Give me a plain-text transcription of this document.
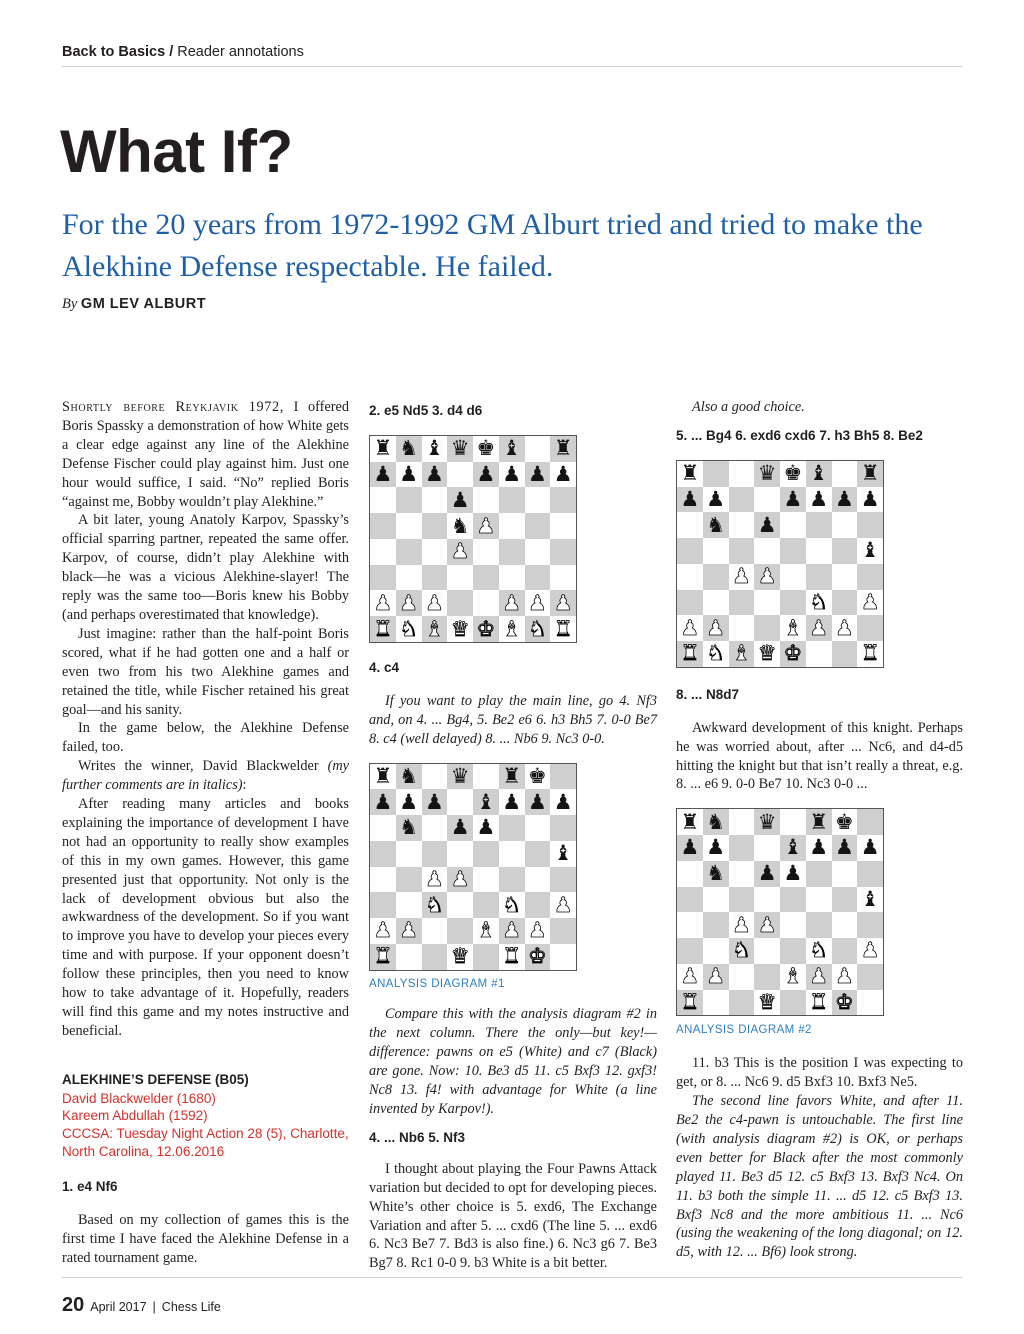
Back to Basics / Reader annotations
What If?

For the 20 years from 1972-1992 GM Alburt tried and tried to make the Alekhine Defense respectable. He failed.

By GM LEV ALBURT

Shortly before Reykjavik 1972, I offered Boris Spassky a demonstration of how White gets a clear edge against any line of the Alekhine Defense Fischer could play against him. Just one hour would suffice, I said. “No” replied Boris “against me, Bobby wouldn’t play Alekhine.”

A bit later, young Anatoly Karpov, Spassky’s official sparring partner, repeated the same offer. Karpov, of course, didn’t play Alekhine with black—he was a vicious Alekhine-slayer! The reply was the same too—Boris knew his Bobby (and perhaps overestimated that knowledge).

Just imagine: rather than the half-point Boris scored, what if he had gotten one and a half or even two from his two Alekhine games and retained the title, while Fischer retained his great goal—and his sanity.

In the game below, the Alekhine Defense failed, too.

Writes the winner, David Blackwelder (my further comments are in italics):

After reading many articles and books explaining the importance of development I have not had an opportunity to really show examples of this in my own games. However, this game presented just that opportunity. Not only is the lack of development obvious but also the awkwardness of the development. So if you want to improve you have to develop your pieces every time and with purpose. If your opponent doesn’t follow these principles, then you need to know how to take advantage of it. Hopefully, readers will find this game and my notes instructive and beneficial.

ALEKHINE’S DEFENSE (B05)

David Blackwelder (1680)
Kareem Abdullah (1592)
CCCSA: Tuesday Night Action 28 (5), Charlotte, North Carolina, 12.06.2016

1. e4 Nf6

Based on my collection of games this is the first time I have faced the Alekhine Defense in a rated tournament game.

2. e5 Nd5 3. d4 d6

♜ ♞ ♝ ♛ ♚ ♝ ♜
♟ ♟ ♟ ♟ ♟ ♟ ♟
♟
♞ ♟
♟
♟ ♟ ♟	♟ ♟ ♟
♜ ♞ ♝ ♛ ♚ ♝ ♞ ♜

4. c4

If you want to play the main line, go 4. Nf3 and, on 4. ... Bg4, 5. Be2 e6 6. h3 Bh5 7. 0-0 Be7 8. c4 (well delayed) 8. ... Nb6 9. Nc3 0-0.

♜ ♞ ♛ ♜ ♚
♟ ♟ ♟ ♝ ♟ ♟ ♟
♞ ♟ ♟
♝
♟ ♟
♞	♞ ♟
♟ ♟	♝ ♟ ♟
♜	♛ ♜ ♚

ANALYSIS DIAGRAM #1

Compare this with the analysis diagram #2 in the next column. There the only—but key!—difference: pawns on e5 (White) and c7 (Black) are gone. Now: 10. Be3 d5 11. c5 Bxf3 12. gxf3! Nc8 13. f4! with advantage for White (a line invented by Karpov!).

4. ... Nb6 5. Nf3

I thought about playing the Four Pawns Attack variation but decided to opt for developing pieces. White’s other choice is 5. exd6, The Exchange Variation and after 5. ... cxd6 (The line 5. ... exd6 6. Nc3 Be7 7. Bd3 is also fine.) 6. Nc3 g6 7. Be3 Bg7 8. Rc1 0-0 9. b3 White is a bit better.

Also a good choice.

5. ... Bg4 6. exd6 cxd6 7. h3 Bh5 8. Be2

♜	♛ ♚ ♝ ♜
♟ ♟	♟ ♟ ♟ ♟
♞ ♟
♝
♟ ♟
♞ ♟
♟ ♟	♝ ♟ ♟
♜ ♞ ♝ ♛ ♚	♜

8. ... N8d7

Awkward development of this knight. Perhaps he was worried about, after ... Nc6, and d4-d5 hitting the knight but that isn’t really a threat, e.g. 8. ... e6 9. 0-0 Be7 10. Nc3 0-0 ...

♜ ♞ ♛ ♜ ♚
♟ ♟	♝ ♟ ♟ ♟
♞ ♟ ♟
♝
♟ ♟
♞	♞ ♟
♟ ♟	♝ ♟ ♟
♜	♛ ♜ ♚

ANALYSIS DIAGRAM #2

11. b3 This is the position I was expecting to get, or 8. ... Nc6 9. d5 Bxf3 10. Bxf3 Ne5.

The second line favors White, and after 11. Be2 the c4-pawn is untouchable. The first line (with analysis diagram #2) is OK, or perhaps even better for Black after the most commonly played 11. Be3 d5 12. c5 Bxf3 13. Bxf3 Nc4. On 11. b3 both the simple 11. ... d5 12. c5 Bxf3 13. Bxf3 Nc8 and the more ambitious 11. ... Nc6 (using the weakening of the long diagonal; on 12. d5, with 12. ... Bf6) look strong.

20 April 2017 | Chess Life
